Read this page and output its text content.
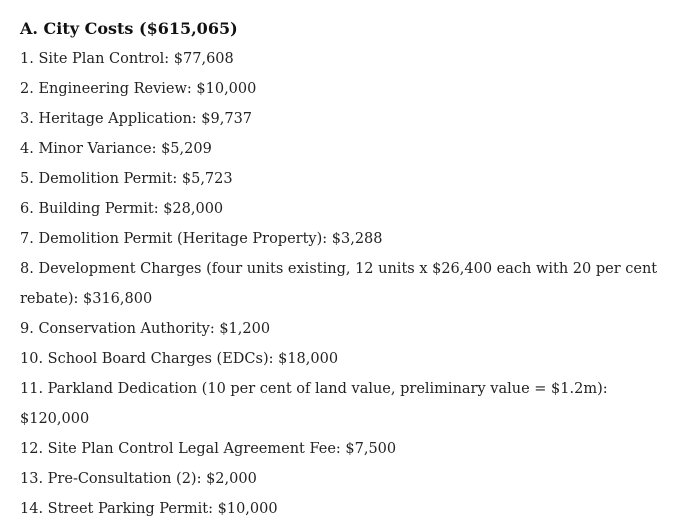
A. City Costs ($615,065)
1. Site Plan Control: $77,608
2. Engineering Review: $10,000
3. Heritage Application: $9,737
4. Minor Variance: $5,209
5. Demolition Permit: $5,723
6. Building Permit: $28,000
7. Demolition Permit (Heritage Property): $3,288
8. Development Charges (four units existing, 12 units x $26,400 each with 20 per cent rebate): $316,800
9. Conservation Authority: $1,200
10. School Board Charges (EDCs): $18,000
11. Parkland Dedication (10 per cent of land value, preliminary value = $1.2m): $120,000
12. Site Plan Control Legal Agreement Fee: $7,500
13. Pre-Consultation (2): $2,000
14. Street Parking Permit: $10,000
